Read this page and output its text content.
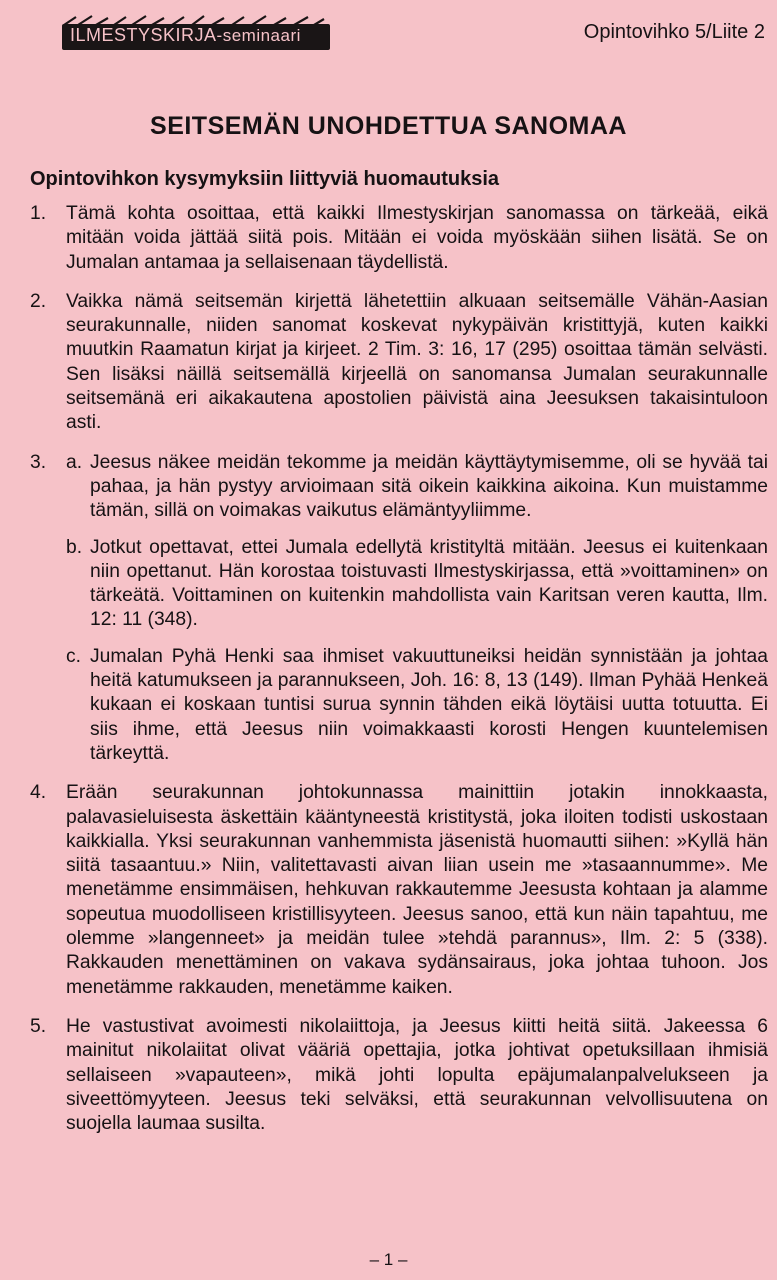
ILMESTYSKIRJA-seminaari	Opintovihko 5/Liite 2
SEITSEMÄN UNOHDETTUA SANOMAA
Opintovihkon kysymyksiin liittyviä huomautuksia
1.	Tämä kohta osoittaa, että kaikki Ilmestyskirjan sanomassa on tärkeää, eikä mitään voida jättää siitä pois. Mitään ei voida myöskään siihen lisätä. Se on Jumalan antamaa ja sellaisenaan täydellistä.
2.	Vaikka nämä seitsemän kirjettä lähetettiin alkuaan seitsemälle Vähän-Aasian seurakunnalle, niiden sanomat koskevat nykypäivän kristittyjä, kuten kaikki muutkin Raamatun kirjat ja kirjeet. 2 Tim. 3: 16, 17 (295) osoittaa tämän selvästi. Sen lisäksi näillä seitsemällä kirjeellä on sanomansa Jumalan seurakunnalle seitsemänä eri aikakautena apostolien päivistä aina Jeesuksen takaisintuloon asti.
3.	a. Jeesus näkee meidän tekomme ja meidän käyttäytymisemme, oli se hyvää tai pahaa, ja hän pystyy arvioimaan sitä oikein kaikkina aikoina. Kun muistamme tämän, sillä on voimakas vaikutus elämäntyyliimme.
b. Jotkut opettavat, ettei Jumala edellytä kristityltä mitään. Jeesus ei kuitenkaan niin opettanut. Hän korostaa toistuvasti Ilmestyskirjassa, että »voittaminen» on tärkeätä. Voittaminen on kuitenkin mahdollista vain Karitsan veren kautta, Ilm. 12: 11 (348).
c. Jumalan Pyhä Henki saa ihmiset vakuuttuneiksi heidän synnistään ja johtaa heitä katumukseen ja parannukseen, Joh. 16: 8, 13 (149). Ilman Pyhää Henkeä kukaan ei koskaan tuntisi surua synnin tähden eikä löytäisi uutta totuutta. Ei siis ihme, että Jeesus niin voimakkaasti korosti Hengen kuuntelemisen tärkeyttä.
4.	Erään seurakunnan johtokunnassa mainittiin jotakin innokkaasta, palavasieluisesta äskettäin kääntyneestä kristitystä, joka iloiten todisti uskostaan kaikkialla. Yksi seurakunnan vanhemmista jäsenistä huomautti siihen: »Kyllä hän siitä tasaantuu.» Niin, valitettavasti aivan liian usein me »tasaannumme». Me menetämme ensimmäisen, hehkuvan rakkautemme Jeesusta kohtaan ja alamme sopeutua muodolliseen kristillisyyteen. Jeesus sanoo, että kun näin tapahtuu, me olemme »langenneet» ja meidän tulee »tehdä parannus», Ilm. 2: 5 (338). Rakkauden menettäminen on vakava sydänsairaus, joka johtaa tuhoon. Jos menetämme rakkauden, menetämme kaiken.
5.	He vastustivat avoimesti nikolaiittoja, ja Jeesus kiitti heitä siitä. Jakeessa 6 mainitut nikolaiitat olivat vääriä opettajia, jotka johtivat opetuksillaan ihmisiä sellaiseen »vapauteen», mikä johti lopulta epäjumalanpalvelukseen ja siveettömyyteen. Jeesus teki selväksi, että seurakunnan velvollisuutena on suojella laumaa susilta.
– 1 –
